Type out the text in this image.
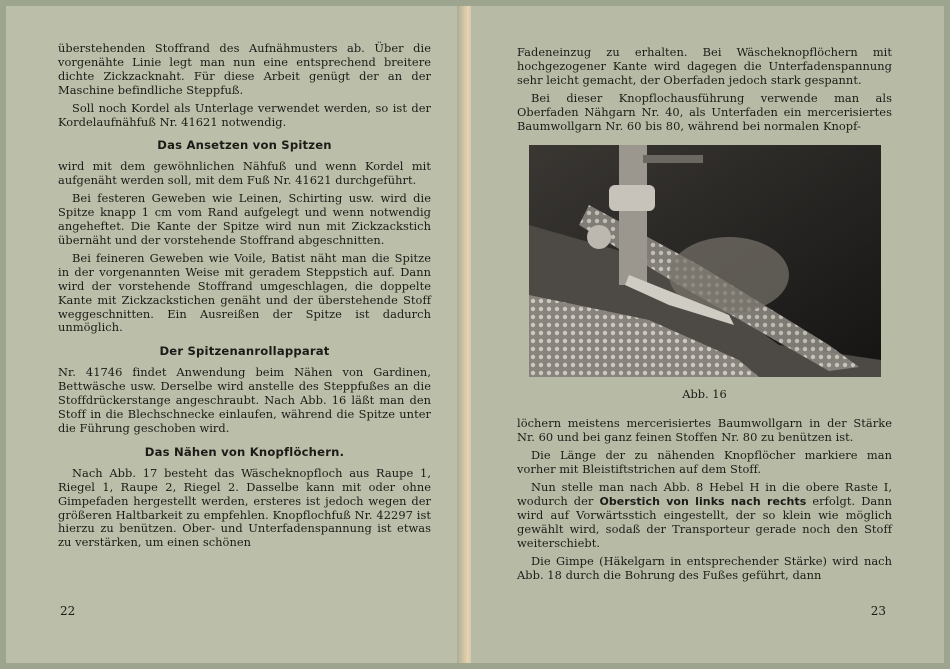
überstehenden Stoffrand des Aufnähmusters ab. Über die vorgenähte Linie legt man nun eine entsprechend breitere dichte Zickzacknaht. Für diese Arbeit genügt der an der Maschine befindliche Steppfuß.

Soll noch Kordel als Unterlage verwendet werden, so ist der Kordelaufnähfuß Nr. 41621 notwendig.

Das Ansetzen von Spitzen

wird mit dem gewöhnlichen Nähfuß und wenn Kordel mit aufgenäht werden soll, mit dem Fuß Nr. 41621 durchgeführt.

Bei festeren Geweben wie Leinen, Schirting usw. wird die Spitze knapp 1 cm vom Rand aufgelegt und wenn notwendig angeheftet. Die Kante der Spitze wird nun mit Zickzackstich übernäht und der vorstehende Stoffrand abgeschnitten.

Bei feineren Geweben wie Voile, Batist näht man die Spitze in der vorgenannten Weise mit geradem Steppstich auf. Dann wird der vorstehende Stoffrand umgeschlagen, die doppelte Kante mit Zickzackstichen genäht und der überstehende Stoff weggeschnitten. Ein Ausreißen der Spitze ist dadurch unmöglich.

Der Spitzenanrollapparat

Nr. 41746 findet Anwendung beim Nähen von Gardinen, Bettwäsche usw. Derselbe wird anstelle des Steppfußes an die Stoffdrückerstange angeschraubt. Nach Abb. 16 läßt man den Stoff in die Blechschnecke einlaufen, während die Spitze unter die Führung geschoben wird.

Das Nähen von Knopflöchern.

Nach Abb. 17 besteht das Wäscheknopfloch aus Raupe 1, Riegel 1, Raupe 2, Riegel 2. Dasselbe kann mit oder ohne Gimpefaden hergestellt werden, ersteres ist jedoch wegen der größeren Haltbarkeit zu empfehlen. Knopflochfuß Nr. 42297 ist hierzu zu benützen. Ober- und Unterfadenspannung ist etwas zu verstärken, um einen schönen

22

Fadeneinzug zu erhalten. Bei Wäscheknopflöchern mit hochgezogener Kante wird dagegen die Unterfadenspannung sehr leicht gemacht, der Oberfaden jedoch stark gespannt.

Bei dieser Knopflochausführung verwende man als Oberfaden Nähgarn Nr. 40, als Unterfaden ein mercerisiertes Baumwollgarn Nr. 60 bis 80, während bei normalen Knopf-

Abb. 16

löchern meistens mercerisiertes Baumwollgarn in der Stärke Nr. 60 und bei ganz feinen Stoffen Nr. 80 zu benützen ist.

Die Länge der zu nähenden Knopflöcher markiere man vorher mit Bleistiftstrichen auf dem Stoff.

Nun stelle man nach Abb. 8 Hebel H in die obere Raste I, wodurch der Oberstich von links nach rechts erfolgt. Dann wird auf Vorwärtsstich eingestellt, der so klein wie möglich gewählt wird, sodaß der Transporteur gerade noch den Stoff weiterschiebt.

Die Gimpe (Häkelgarn in entsprechender Stärke) wird nach Abb. 18 durch die Bohrung des Fußes geführt, dann

23
